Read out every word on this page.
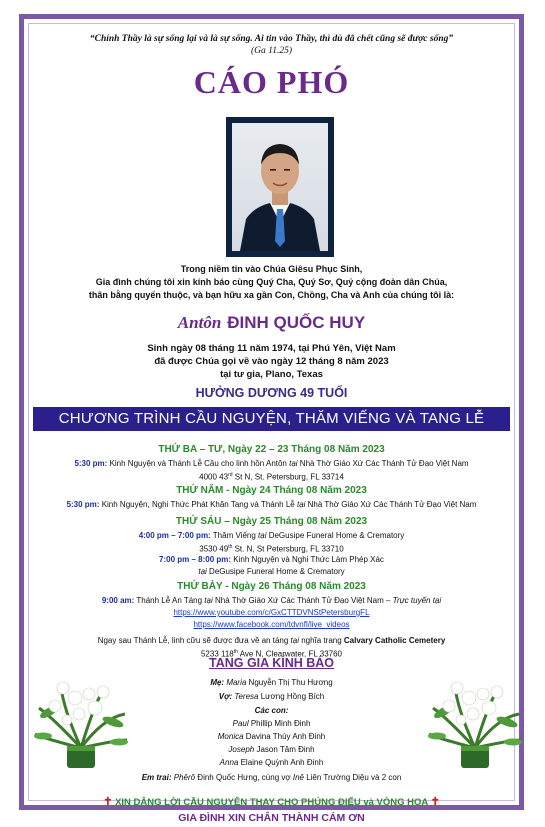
“Chính Thầy là sự sống lại và là sự sống. Ai tin vào Thầy, thì dù đã chết cũng sẽ được sống”
(Ga 11.25)
CÁO PHÓ
Trong niềm tin vào Chúa Giêsu Phục Sinh,
Gia đình chúng tôi xin kính báo cùng Quý Cha, Quý Sơ, Quý cộng đoàn dân Chúa,
thân bằng quyến thuộc, và bạn hữu xa gần Con, Chồng, Cha và Anh của chúng tôi là:
Antôn ĐINH QUỐC HUY
Sinh ngày 08 tháng 11 năm 1974, tại Phú Yên, Việt Nam
đã được Chúa gọi về vào ngày 12 tháng 8 năm 2023
tại tư gia, Plano, Texas
HƯỞNG DƯƠNG 49 TUỔI
CHƯƠNG TRÌNH CẦU NGUYỆN, THĂM VIẾNG VÀ TANG LỄ
THỨ BA – TƯ, Ngày 22 – 23 Tháng 08 Năm 2023
5:30 pm: Kinh Nguyện và Thánh Lễ Cầu cho linh hồn Antôn tại Nhà Thờ Giáo Xứ Các Thánh Tử Đạo Việt Nam
4000 43rd St N, St. Petersburg, FL 33714
THỨ NĂM - Ngày 24 Tháng 08 Năm 2023
5:30 pm: Kinh Nguyện, Nghi Thức Phát Khăn Tang và Thánh Lễ tại Nhà Thờ Giáo Xứ Các Thánh Tử Đạo Việt Nam
THỨ SÁU – Ngày 25 Tháng 08 Năm 2023
4:00 pm – 7:00 pm: Thăm Viếng tại DeGusipe Funeral Home & Crematory
3530 49th St. N, St Petersburg, FL 33710
7:00 pm – 8:00 pm: Kinh Nguyện và Nghi Thức Làm Phép Xác
tại DeGusipe Funeral Home & Crematory
THỨ BẢY - Ngày 26 Tháng 08 Năm 2023
9:00 am: Thánh Lễ An Táng tại Nhà Thờ Giáo Xứ Các Thánh Tử Đạo Việt Nam – Trực tuyến tại
https://www.youtube.com/c/GxCTTDVNStPetersburgFL
https://www.facebook.com/tdvnfl/live_videos
Ngay sau Thánh Lễ, linh cữu sẽ được đưa về an táng tại nghĩa trang Calvary Catholic Cemetery
5233 118th Ave N, Clearwater, FL 33760
TANG GIA KÍNH BÁO
Mẹ: Maria Nguyễn Thị Thu Hương
Vợ: Teresa Lương Hồng Bích
Các con:
Paul Phillip Minh Đinh
Monica Davina Thùy Anh Đinh
Joseph Jason Tâm Đinh
Anna Elaine Quỳnh Anh Đinh
Em trai: Phêrô Đinh Quốc Hưng, cùng vợ Inê Liên Trường Diệu và 2 con
✝ XIN DÂNG LỜI CẦU NGUYỆN THAY CHO PHÚNG ĐIẾU và VÒNG HOA ✝
GIA ĐÌNH XIN CHÂN THÀNH CÁM ƠN
